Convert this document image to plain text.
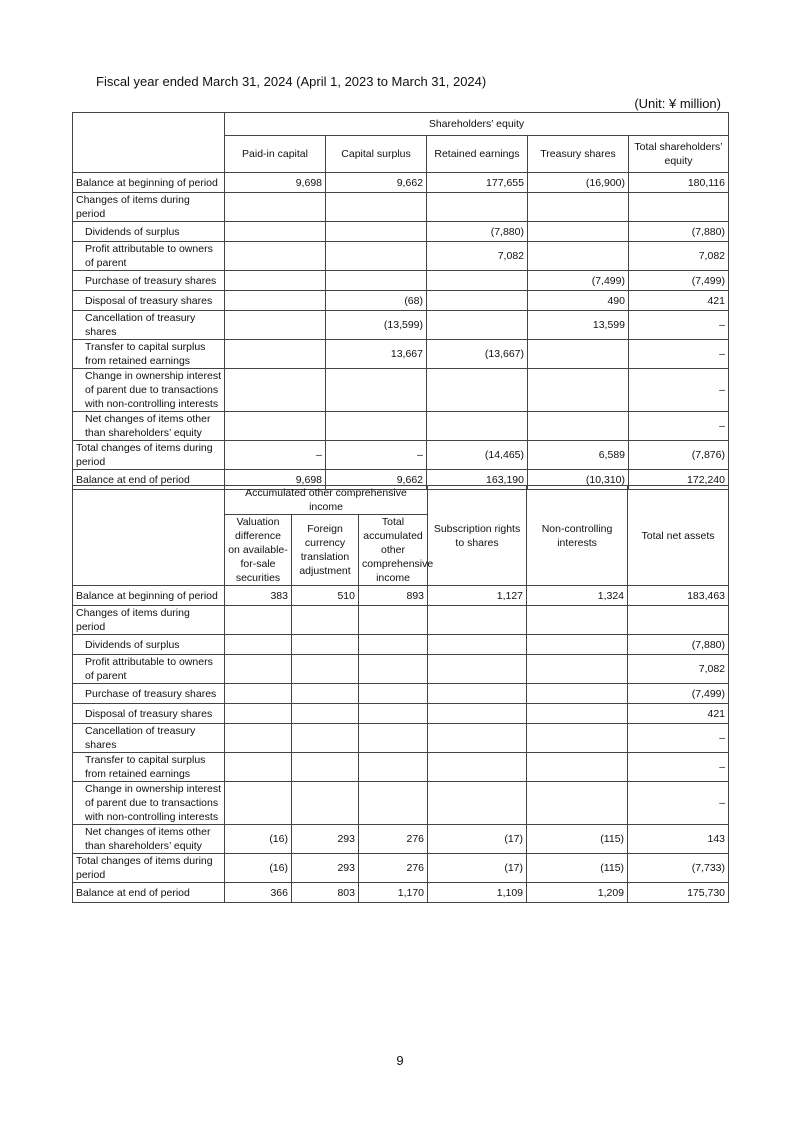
Fiscal year ended March 31, 2024 (April 1, 2023 to March 31, 2024)
(Unit: ¥ million)
	Shareholders’ equity				
	Paid-in capital	Capital surplus	Retained earnings	Treasury shares	Total shareholders’ equity
Balance at beginning of period	9,698	9,662	177,655	(16,900)	180,116
Changes of items during period					
Dividends of surplus			(7,880)		(7,880)
Profit attributable to owners of parent			7,082		7,082
Purchase of treasury shares				(7,499)	(7,499)
Disposal of treasury shares		(68)		490	421
Cancellation of treasury shares		(13,599)		13,599	–
Transfer to capital surplus from retained earnings		13,667	(13,667)		–
Change in ownership interest of parent due to transactions with non-controlling interests					–
Net changes of items other than shareholders’ equity					–
Total changes of items during period	–	–	(14,465)	6,589	(7,876)
Balance at end of period	9,698	9,662	163,190	(10,310)	172,240
	Accumulated other comprehensive income			Subscription rights to shares	Non-controlling interests	Total net assets
	Valuation difference on available-for-sale securities	Foreign currency translation adjustment	Total accumulated other comprehensive income			
Balance at beginning of period	383	510	893	1,127	1,324	183,463
Changes of items during period						
Dividends of surplus						(7,880)
Profit attributable to owners of parent						7,082
Purchase of treasury shares						(7,499)
Disposal of treasury shares						421
Cancellation of treasury shares						–
Transfer to capital surplus from retained earnings						–
Change in ownership interest of parent due to transactions with non-controlling interests						–
Net changes of items other than shareholders’ equity	(16)	293	276	(17)	(115)	143
Total changes of items during period	(16)	293	276	(17)	(115)	(7,733)
Balance at end of period	366	803	1,170	1,109	1,209	175,730
9
